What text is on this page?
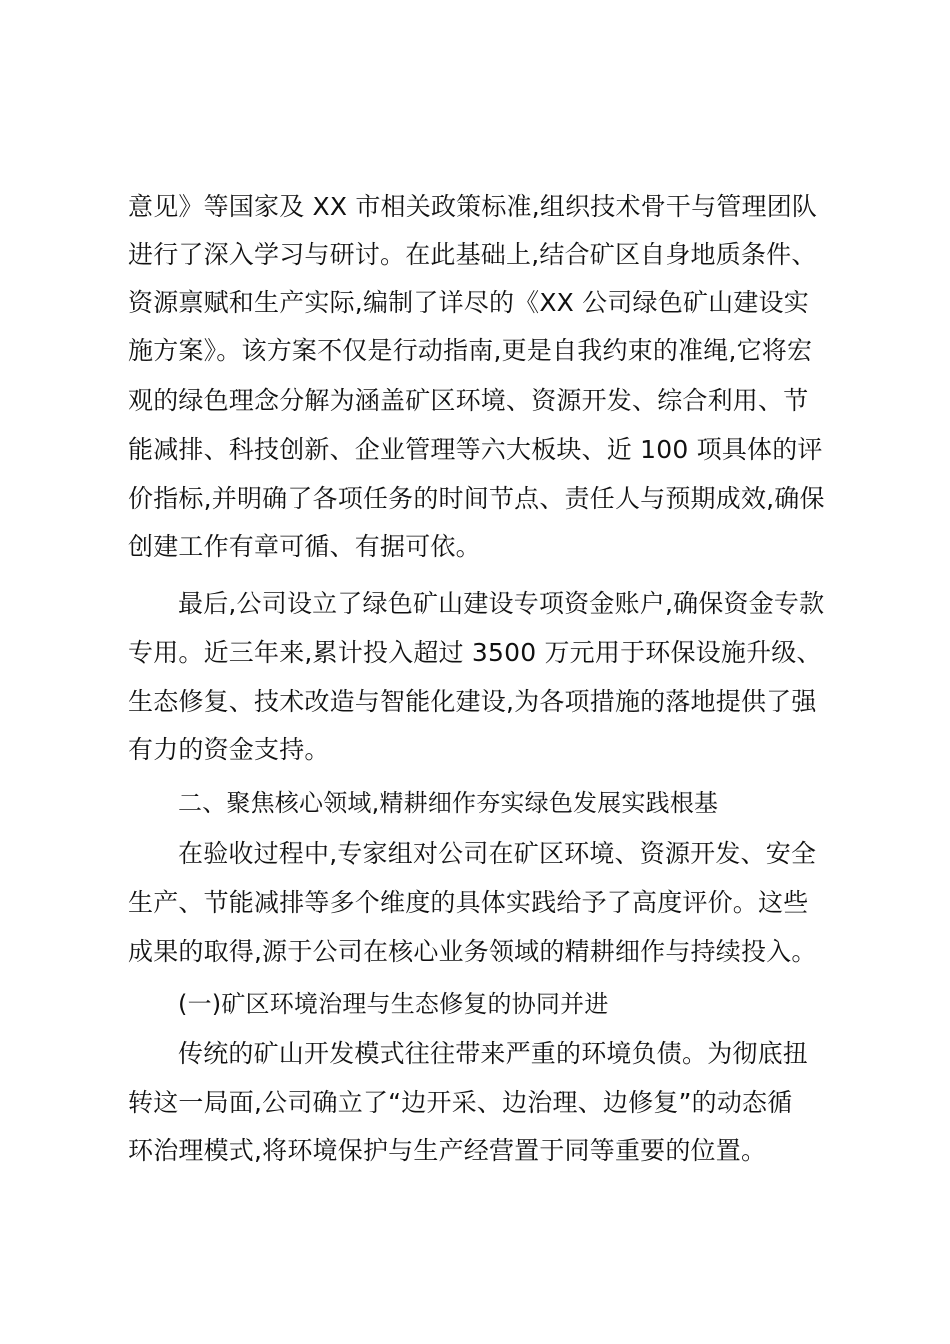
意见》等国家及 XX 市相关政策标准,组织技术骨干与管理团队
进行了深入学习与研讨。在此基础上,结合矿区自身地质条件、
资源禀赋和生产实际,编制了详尽的《XX 公司绿色矿山建设实
施方案》。该方案不仅是行动指南,更是自我约束的准绳,它将宏
观的绿色理念分解为涵盖矿区环境、资源开发、综合利用、节
能减排、科技创新、企业管理等六大板块、近 100 项具体的评
价指标,并明确了各项任务的时间节点、责任人与预期成效,确保
创建工作有章可循、有据可依。
最后,公司设立了绿色矿山建设专项资金账户,确保资金专款
专用。近三年来,累计投入超过 3500 万元用于环保设施升级、
生态修复、技术改造与智能化建设,为各项措施的落地提供了强
有力的资金支持。
二、聚焦核心领域,精耕细作夯实绿色发展实践根基
在验收过程中,专家组对公司在矿区环境、资源开发、安全
生产、节能减排等多个维度的具体实践给予了高度评价。这些
成果的取得,源于公司在核心业务领域的精耕细作与持续投入。
(一)矿区环境治理与生态修复的协同并进
传统的矿山开发模式往往带来严重的环境负债。为彻底扭
转这一局面,公司确立了“边开采、边治理、边修复”的动态循
环治理模式,将环境保护与生产经营置于同等重要的位置。
